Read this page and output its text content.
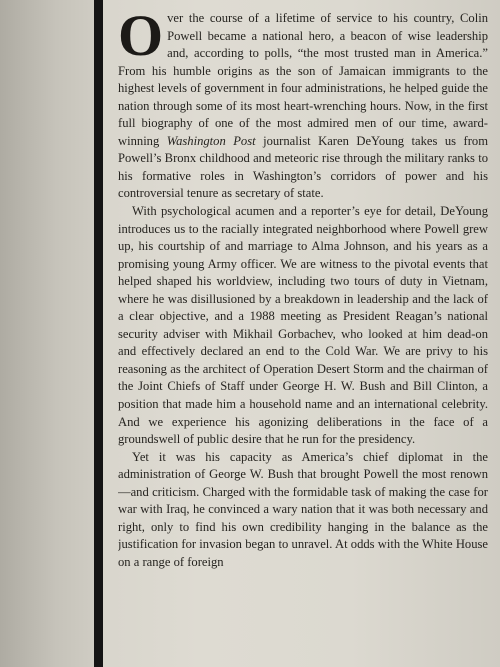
Over the course of a lifetime of service to his country, Colin Powell became a national hero, a beacon of wise leadership and, according to polls, “the most trusted man in America.” From his humble origins as the son of Jamaican immigrants to the highest levels of government in four administrations, he helped guide the nation through some of its most heart-wrenching hours. Now, in the first full biography of one of the most admired men of our time, award-winning Washington Post journalist Karen DeYoung takes us from Powell’s Bronx childhood and meteoric rise through the military ranks to his formative roles in Washington’s corridors of power and his controversial tenure as secretary of state.

With psychological acumen and a reporter’s eye for detail, DeYoung introduces us to the racially integrated neighborhood where Powell grew up, his courtship of and marriage to Alma Johnson, and his years as a promising young Army officer. We are witness to the pivotal events that helped shaped his worldview, including two tours of duty in Vietnam, where he was disillusioned by a breakdown in leadership and the lack of a clear objective, and a 1988 meeting as President Reagan’s national security adviser with Mikhail Gorbachev, who looked at him dead-on and effectively declared an end to the Cold War. We are privy to his reasoning as the architect of Operation Desert Storm and the chairman of the Joint Chiefs of Staff under George H. W. Bush and Bill Clinton, a position that made him a household name and an international celebrity. And we experience his agonizing deliberations in the face of a groundswell of public desire that he run for the presidency.

Yet it was his capacity as America’s chief diplomat in the administration of George W. Bush that brought Powell the most renown—and criticism. Charged with the formidable task of making the case for war with Iraq, he convinced a wary nation that it was both necessary and right, only to find his own credibility hanging in the balance as the justification for invasion began to unravel. At odds with the White House on a range of foreign
